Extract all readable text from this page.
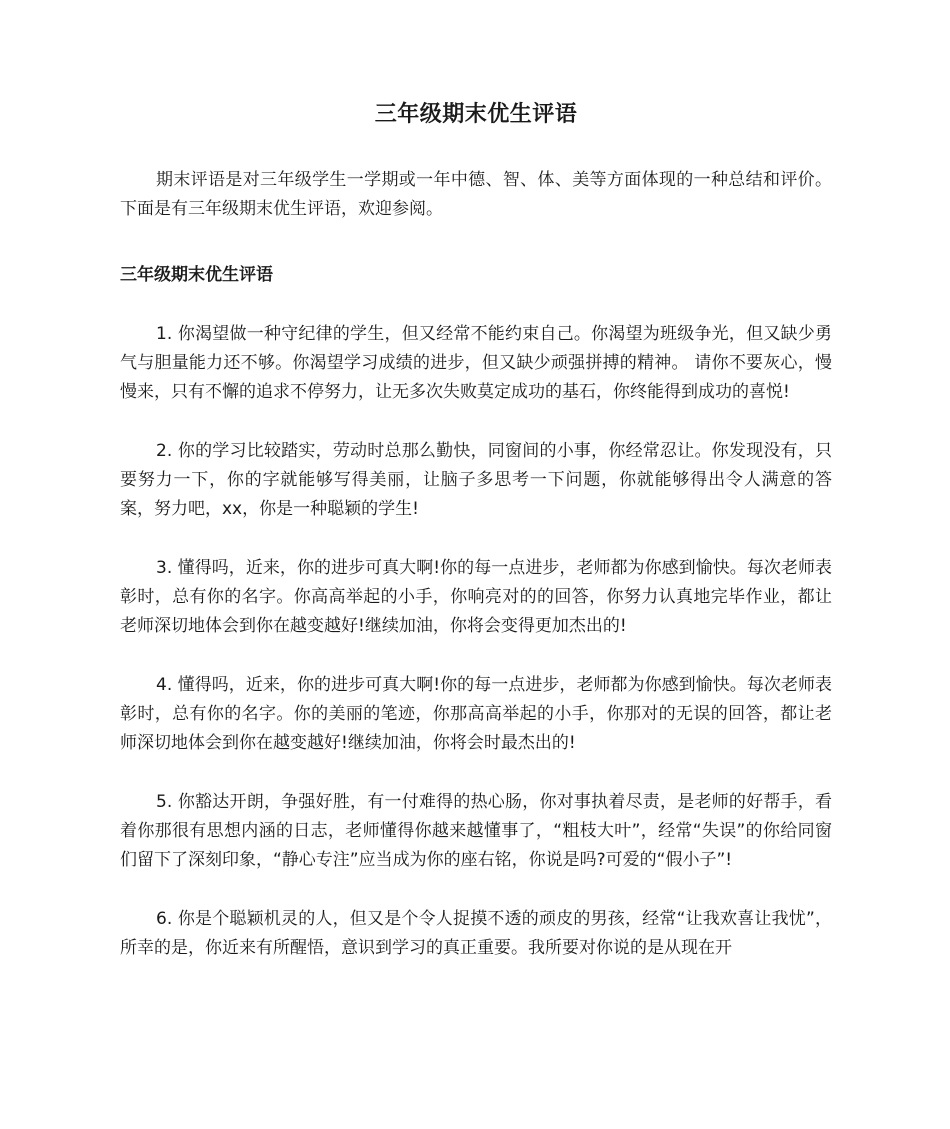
三年级期末优生评语

期末评语是对三年级学生一学期或一年中德、智、体、美等方面体现的一种总结和评价。下面是有三年级期末优生评语，欢迎参阅。

三年级期末优生评语

1. 你渴望做一种守纪律的学生，但又经常不能约束自己。你渴望为班级争光，但又缺少勇气与胆量能力还不够。你渴望学习成绩的进步，但又缺少顽强拼搏的精神。 请你不要灰心，慢慢来，只有不懈的追求不停努力，让无多次失败莫定成功的基石，你终能得到成功的喜悦!

2. 你的学习比较踏实，劳动时总那么勤快，同窗间的小事，你经常忍让。你发现没有，只要努力一下，你的字就能够写得美丽，让脑子多思考一下问题，你就能够得出令人满意的答案，努力吧，xx，你是一种聪颖的学生!

3. 懂得吗，近来，你的进步可真大啊!你的每一点进步，老师都为你感到愉快。每次老师表彰时，总有你的名字。你高高举起的小手，你响亮对的的回答，你努力认真地完毕作业，都让老师深切地体会到你在越变越好!继续加油，你将会变得更加杰出的!

4. 懂得吗，近来，你的进步可真大啊!你的每一点进步，老师都为你感到愉快。每次老师表彰时，总有你的名字。你的美丽的笔迹，你那高高举起的小手，你那对的无误的回答，都让老师深切地体会到你在越变越好!继续加油，你将会时最杰出的!

5. 你豁达开朗，争强好胜，有一付难得的热心肠，你对事执着尽责，是老师的好帮手，看着你那很有思想内涵的日志，老师懂得你越来越懂事了，“粗枝大叶”，经常“失误”的你给同窗们留下了深刻印象，“静心专注”应当成为你的座右铭，你说是吗?可爱的“假小子”!

6. 你是个聪颖机灵的人，但又是个令人捉摸不透的顽皮的男孩，经常“让我欢喜让我忧”，所幸的是，你近来有所醒悟，意识到学习的真正重要。我所要对你说的是从现在开
